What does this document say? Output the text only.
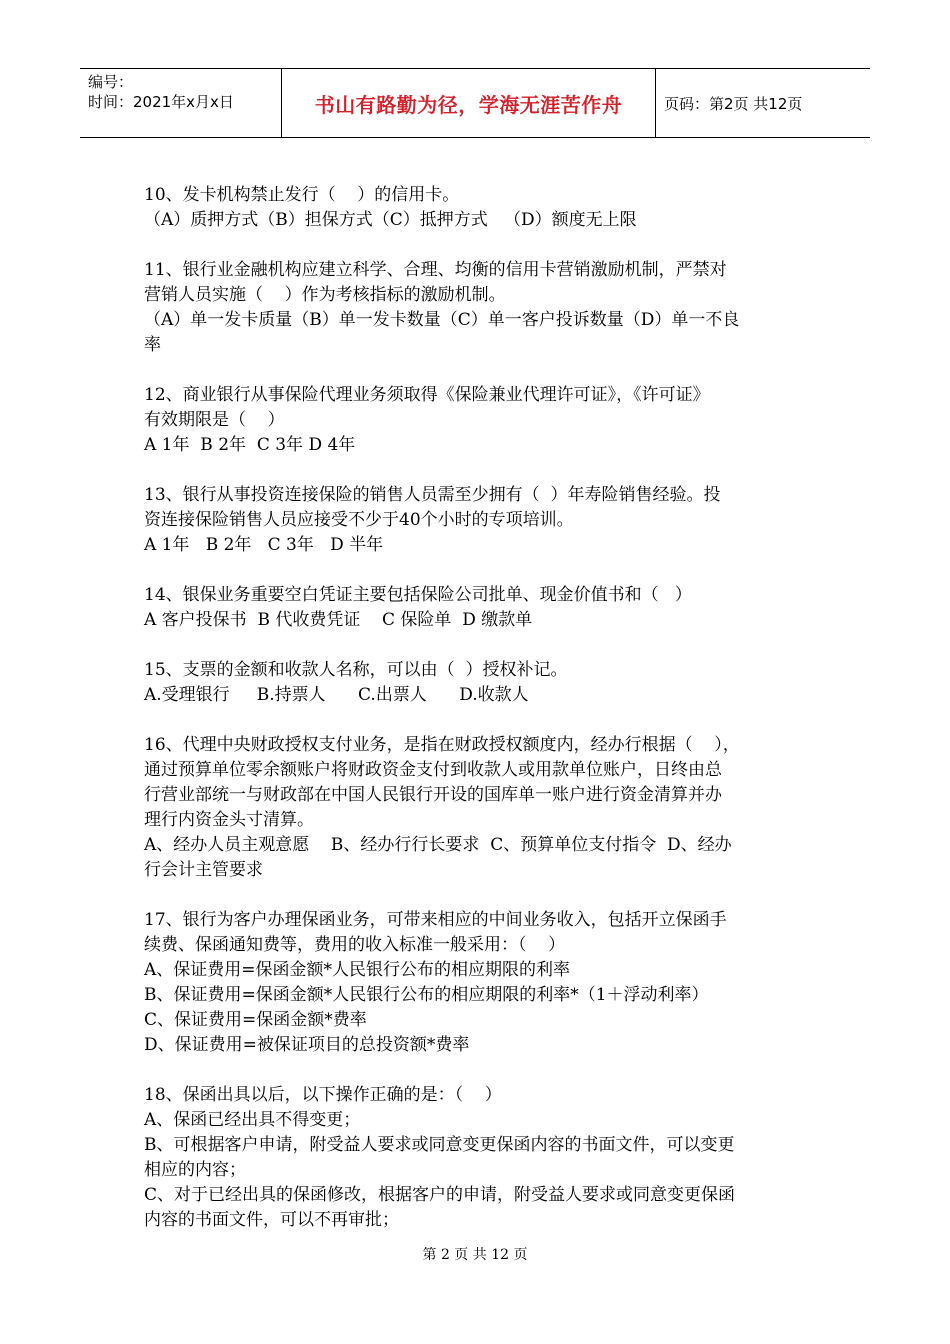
编号：
时间：2021年x月x日	书山有路勤为径，学海无涯苦作舟	页码：第2页 共12页
10、发卡机构禁止发行（    ）的信用卡。
（A）质押方式（B）担保方式（C）抵押方式   （D）额度无上限
11、银行业金融机构应建立科学、合理、均衡的信用卡营销激励机制，严禁对
营销人员实施（    ）作为考核指标的激励机制。
（A）单一发卡质量（B）单一发卡数量（C）单一客户投诉数量（D）单一不良
率
12、商业银行从事保险代理业务须取得《保险兼业代理许可证》，《许可证》
有效期限是（    ）
A 1年  B 2年  C 3年 D 4年
13、银行从事投资连接保险的销售人员需至少拥有（  ）年寿险销售经验。投
资连接保险销售人员应接受不少于40个小时的专项培训。
A 1年   B 2年   C 3年   D 半年
14、银保业务重要空白凭证主要包括保险公司批单、现金价值书和（   ）
A 客户投保书  B 代收费凭证    C 保险单  D 缴款单
15、支票的金额和收款人名称，可以由（  ）授权补记。
A.受理银行     B.持票人      C.出票人      D.收款人
16、代理中央财政授权支付业务，是指在财政授权额度内，经办行根据（    ），
通过预算单位零余额账户将财政资金支付到收款人或用款单位账户，日终由总
行营业部统一与财政部在中国人民银行开设的国库单一账户进行资金清算并办
理行内资金头寸清算。
A、经办人员主观意愿    B、经办行行长要求  C、预算单位支付指令  D、经办
行会计主管要求
17、银行为客户办理保函业务，可带来相应的中间业务收入，包括开立保函手
续费、保函通知费等，费用的收入标准一般采用：（    ）
A、保证费用=保函金额*人民银行公布的相应期限的利率
B、保证费用=保函金额*人民银行公布的相应期限的利率*（1＋浮动利率）
C、保证费用=保函金额*费率
D、保证费用=被保证项目的总投资额*费率
18、保函出具以后，以下操作正确的是：（    ）
A、保函已经出具不得变更；
B、可根据客户申请，附受益人要求或同意变更保函内容的书面文件，可以变更
相应的内容；
C、对于已经出具的保函修改，根据客户的申请，附受益人要求或同意变更保函
内容的书面文件，可以不再审批；
第 2 页 共 12 页
